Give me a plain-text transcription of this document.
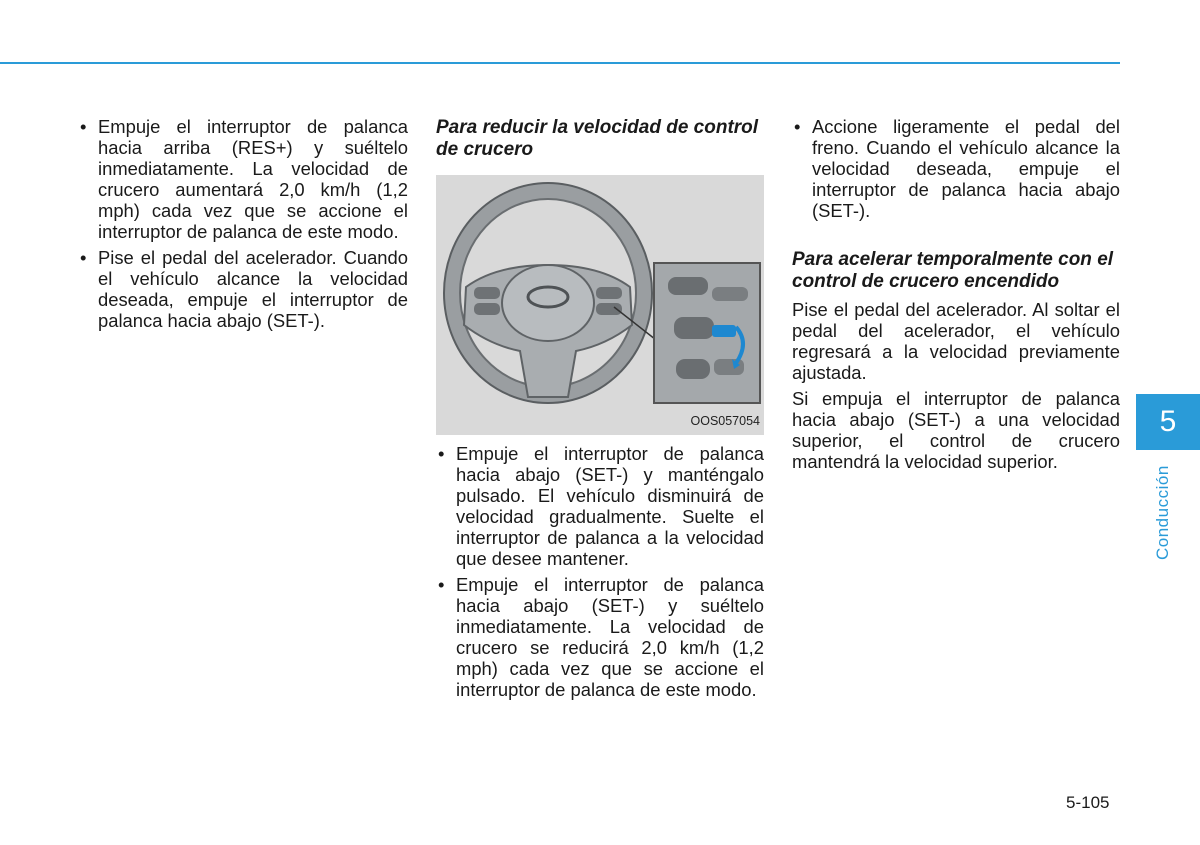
• Empuje el interruptor de palanca hacia arriba (RES+) y suéltelo inmediatamente. La velocidad de crucero aumentará 2,0 km/h (1,2 mph) cada vez que se accione el interruptor de palanca de este modo.
• Pise el pedal del acelerador. Cuando el vehículo alcance la velocidad deseada, empuje el interruptor de palanca hacia abajo (SET-).
Para reducir la velocidad de control de crucero
OOS057054
• Empuje el interruptor de palanca hacia abajo (SET-) y manténgalo pulsado. El vehículo disminuirá de velocidad gradualmente. Suelte el interruptor de palanca a la velocidad que desee mantener.
• Empuje el interruptor de palanca hacia abajo (SET-) y suéltelo inmediatamente. La velocidad de crucero se reducirá 2,0 km/h (1,2 mph) cada vez que se accione el interruptor de palanca de este modo.
• Accione ligeramente el pedal del freno. Cuando el vehículo alcance la velocidad deseada, empuje el interruptor de palanca hacia abajo (SET-).
Para acelerar temporalmente con el control de crucero encendido

Pise el pedal del acelerador. Al soltar el pedal del acelerador, el vehículo regresará a la velocidad previamente ajustada.

Si empuja el interruptor de palanca hacia abajo (SET-) a una velocidad superior, el control de crucero mantendrá la velocidad superior.

5
Conducción
5-105
